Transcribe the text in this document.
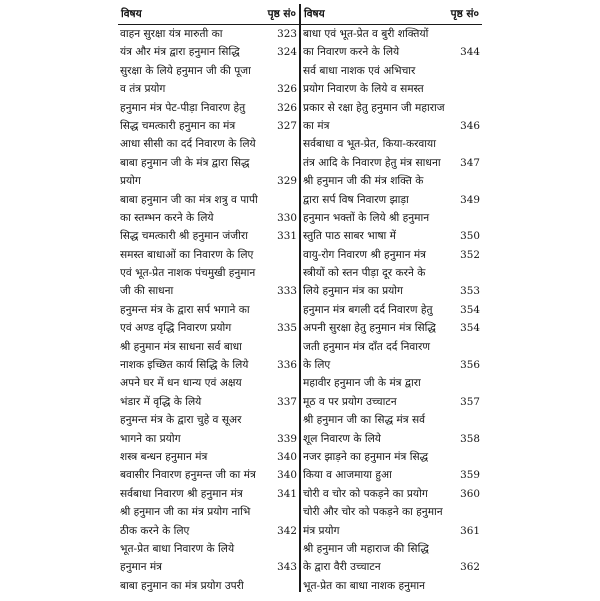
विषय	पृष्ठ सं०
वाहन सुरक्षा यंत्र मारुती का	323
यंत्र और मंत्र द्वारा हनुमान सिद्धि	324
सुरक्षा के लिये हनुमान जी की पूजा
व तंत्र प्रयोग	326
हनुमान मंत्र पेट-पीड़ा निवारण हेतु	326
सिद्ध चमत्कारी हनुमान का मंत्र	327
आधा सीसी का दर्द निवारण के लिये
बाबा हनुमान जी के मंत्र द्वारा सिद्ध
प्रयोग	329
बाबा हनुमान जी का मंत्र शत्रु व पापी
का स्तम्भन करने के लिये	330
सिद्ध चमत्कारी श्री हनुमान जंजीरा	331
समस्त बाधाओं का निवारण के लिए
एवं भूत-प्रेत नाशक पंचमुखी हनुमान
जी की साधना	333
हनुमन्त मंत्र के द्वारा सर्प भगाने का
एवं अण्ड वृद्धि निवारण प्रयोग	335
श्री हनुमान मंत्र साधना सर्व बाधा
नाशक इच्छित कार्य सिद्धि के लिये	336
अपने घर में धन धान्य एवं अक्षय
भंडार में वृद्धि के लिये	337
हनुमन्त मंत्र के द्वारा चुहे व सूअर
भागने का प्रयोग	339
शस्त्र बन्धन हनुमान मंत्र	340
बवासीर निवारण हनुमन्त जी का मंत्र	340
सर्वबाधा निवारण श्री हनुमान मंत्र	341
श्री हनुमान जी का मंत्र प्रयोग नाभि
ठीक करने के लिए	342
भूत-प्रेत बाधा निवारण के लिये
हनुमान मंत्र	343
बाबा हनुमान का मंत्र प्रयोग उपरी
विषय	पृष्ठ सं०
बाधा एवं भूत-प्रेत व बुरी शक्तियों
का निवारण करने के लिये	344
सर्व बाधा नाशक एवं अभिचार
प्रयोग निवारण के लिये व समस्त
प्रकार से रक्षा हेतु हनुमान जी महाराज
का मंत्र	346
सर्वबाधा व भूत-प्रेत, किया-करवाया
तंत्र आदि के निवारण हेतु मंत्र साधना	347
श्री हनुमान जी की मंत्र शक्ति के
द्वारा सर्प विष निवारण झाड़ा	349
हनुमान भक्तों के लिये श्री हनुमान
स्तुति पाठ साबर भाषा में	350
वायु-रोग निवारण श्री हनुमान मंत्र	352
स्त्रीयों को स्तन पीड़ा दूर करने के
लिये हनुमान मंत्र का प्रयोग	353
हनुमान मंत्र बगली दर्द निवारण हेतु	354
अपनी सुरक्षा हेतु हनुमान मंत्र सिद्धि	354
जती हनुमान मंत्र दाँत दर्द निवारण
के लिए	356
महावीर हनुमान जी के मंत्र द्वारा
मूठ व पर प्रयोग उच्चाटन	357
श्री हनुमान जी का सिद्ध मंत्र सर्व
शूल निवारण के लिये	358
नजर झाड़ने का हनुमान मंत्र सिद्ध
किया व आजमाया हुआ	359
चोरी व चोर को पकड़ने का प्रयोग	360
चोरी और चोर को पकड़ने का हनुमान
मंत्र प्रयोग	361
श्री हनुमान जी महाराज की सिद्धि
के द्वारा वैरी उच्चाटन	362
भूत-प्रेत का बाधा नाशक हनुमान
